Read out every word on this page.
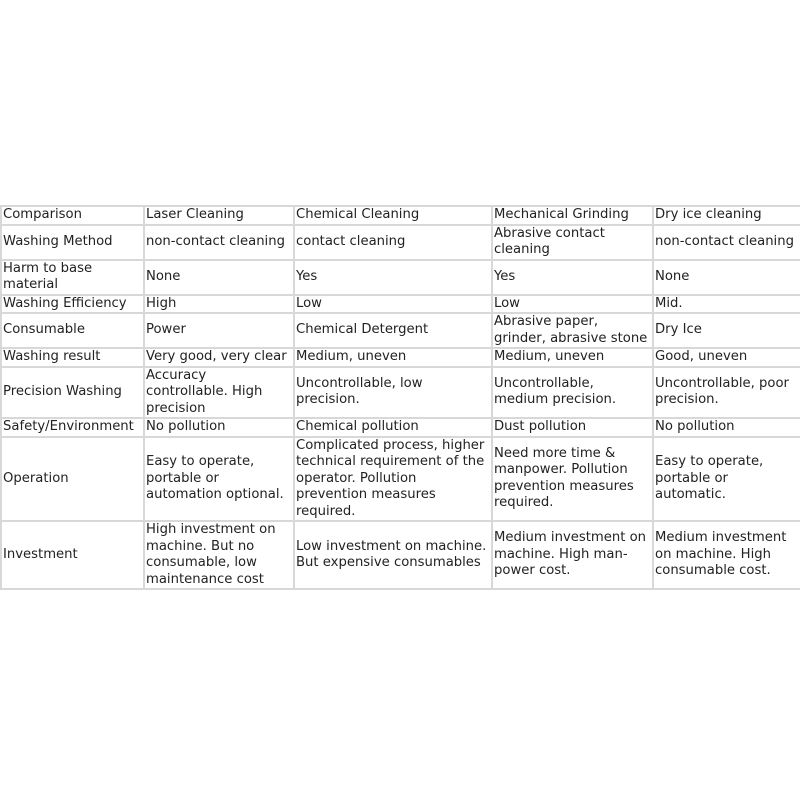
Comparison	Laser Cleaning	Chemical Cleaning	Mechanical Grinding	Dry ice cleaning
Washing Method	non-contact cleaning	contact cleaning	Abrasive contact cleaning	non-contact cleaning
Harm to base material	None	Yes	Yes	None
Washing Efficiency	High	Low	Low	Mid.
Consumable	Power	Chemical Detergent	Abrasive paper, grinder, abrasive stone	Dry Ice
Washing result	Very good, very clear	Medium, uneven	Medium, uneven	Good, uneven
Precision Washing	Accuracy controllable. High precision	Uncontrollable, low precision.	Uncontrollable, medium precision.	Uncontrollable, poor precision.
Safety/Environment	No pollution	Chemical pollution	Dust pollution	No pollution
Operation	Easy to operate, portable or automation optional.	Complicated process, higher technical requirement of the operator. Pollution prevention measures required.	Need more time & manpower. Pollution prevention measures required.	Easy to operate, portable or automatic.
Investment	High investment on machine. But no consumable, low maintenance cost	Low investment on machine. But expensive consumables	Medium investment on machine. High man-power cost.	Medium investment on machine. High consumable cost.
